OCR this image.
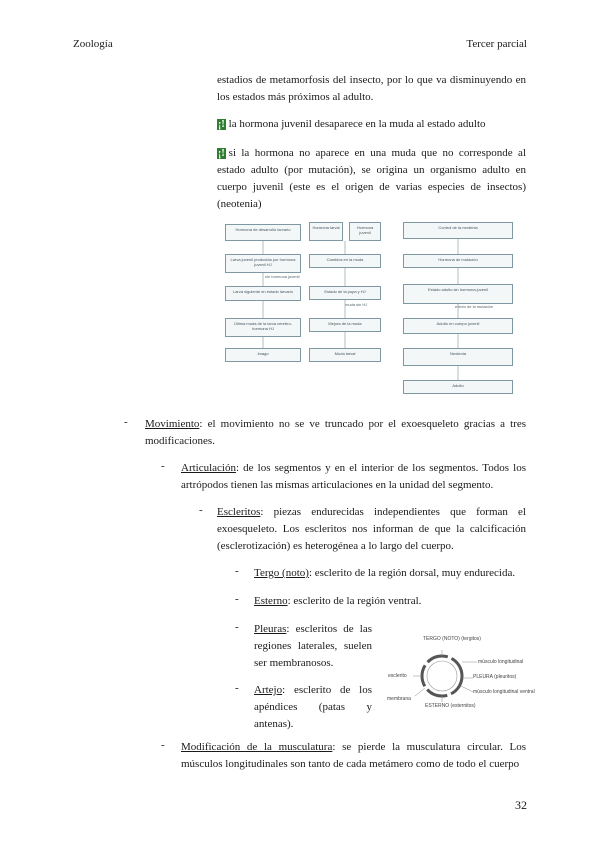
Zoología	Tercer parcial

estadios de metamorfosis del insecto, por lo que va disminuyendo en los estados más próximos al adulto.

¡! la hormona juvenil desaparece en la muda al estado adulto

¡! si la hormona no aparece en una muda que no corresponde al estado adulto (por mutación), se origina un organismo adulto en cuerpo juvenil (este es el origen de varias especies de insectos) (neotenia)

Hormona de desarrollo larvario
Larva juvenil producida por hormona juvenil HJ
Larva siguiente en estado larvario
Última muda de la larva cerebro-hormona HJ
Imago
Hormona larval	Hormona juvenil
Cambios en la muda
Estado de la pupa y HJ
Mejora de la muda
Muda larval
Control de la neotenia
Hormona de mutación
Estado adulto sin hormona juvenil
Adulto en cuerpo juvenil
Neotenia
Adulto
sin hormona juvenil
muda sin HJ	efecto de la mutación
- Movimiento: el movimiento no se ve truncado por el exoesqueleto gracias a tres modificaciones.

- Articulación: de los segmentos y en el interior de los segmentos. Todos los artrópodos tienen las mismas articulaciones en la unidad del segmento.

- Escleritos: piezas endurecidas independientes que forman el exoesqueleto. Los escleritos nos informan de que la calcificación (esclerotización) es heterogénea a lo largo del cuerpo.

- Tergo (noto): esclerito de la región dorsal, muy endurecida.

- Esterno: esclerito de la región ventral.

- Pleuras: escleritos de las regiones laterales, suelen ser membranosos.

- Artejo: esclerito de los apéndices (patas y antenas).

TERGO (NOTO) (tergitos)
músculo longitudinal
PLEURA (pleuritos)
músculo longitudinal ventral
ESTERNO (esternitos)
membrana
esclerito
- Modificación de la musculatura: se pierde la musculatura circular. Los músculos longitudinales son tanto de cada metámero como de todo el cuerpo

32
